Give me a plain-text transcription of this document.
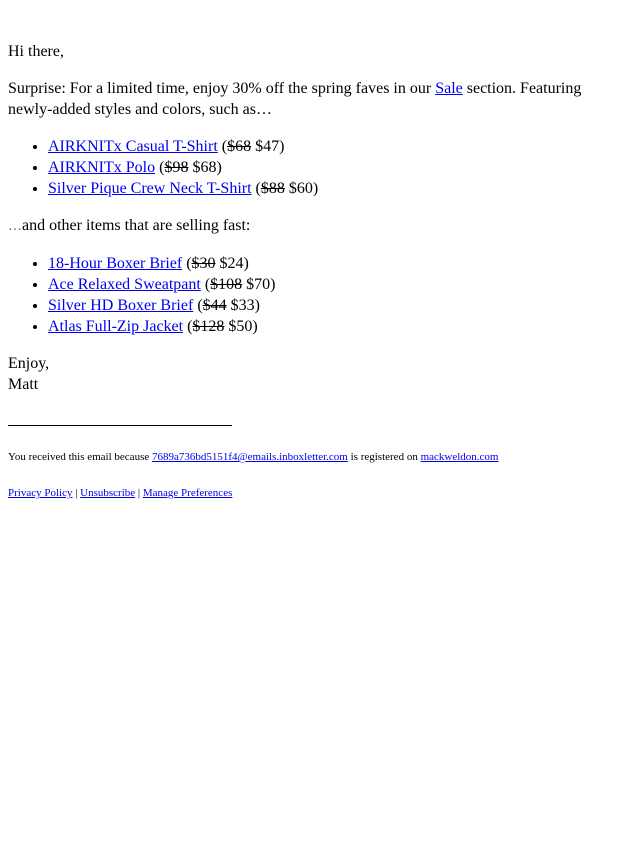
Hi there,

Surprise: For a limited time, enjoy 30% off the spring faves in our Sale section. Featuring newly-added styles and colors, such as…

• AIRKNITx Casual T-Shirt ($68 $47)
• AIRKNITx Polo ($98 $68)
• Silver Pique Crew Neck T-Shirt ($88 $60)

…and other items that are selling fast:

• 18-Hour Boxer Brief ($30 $24)
• Ace Relaxed Sweatpant ($108 $70)
• Silver HD Boxer Brief ($44 $33)
• Atlas Full-Zip Jacket ($128 $50)

Enjoy,
Matt

You received this email because 7689a736bd5151f4@emails.inboxletter.com is registered on mackweldon.com

Privacy Policy | Unsubscribe | Manage Preferences
